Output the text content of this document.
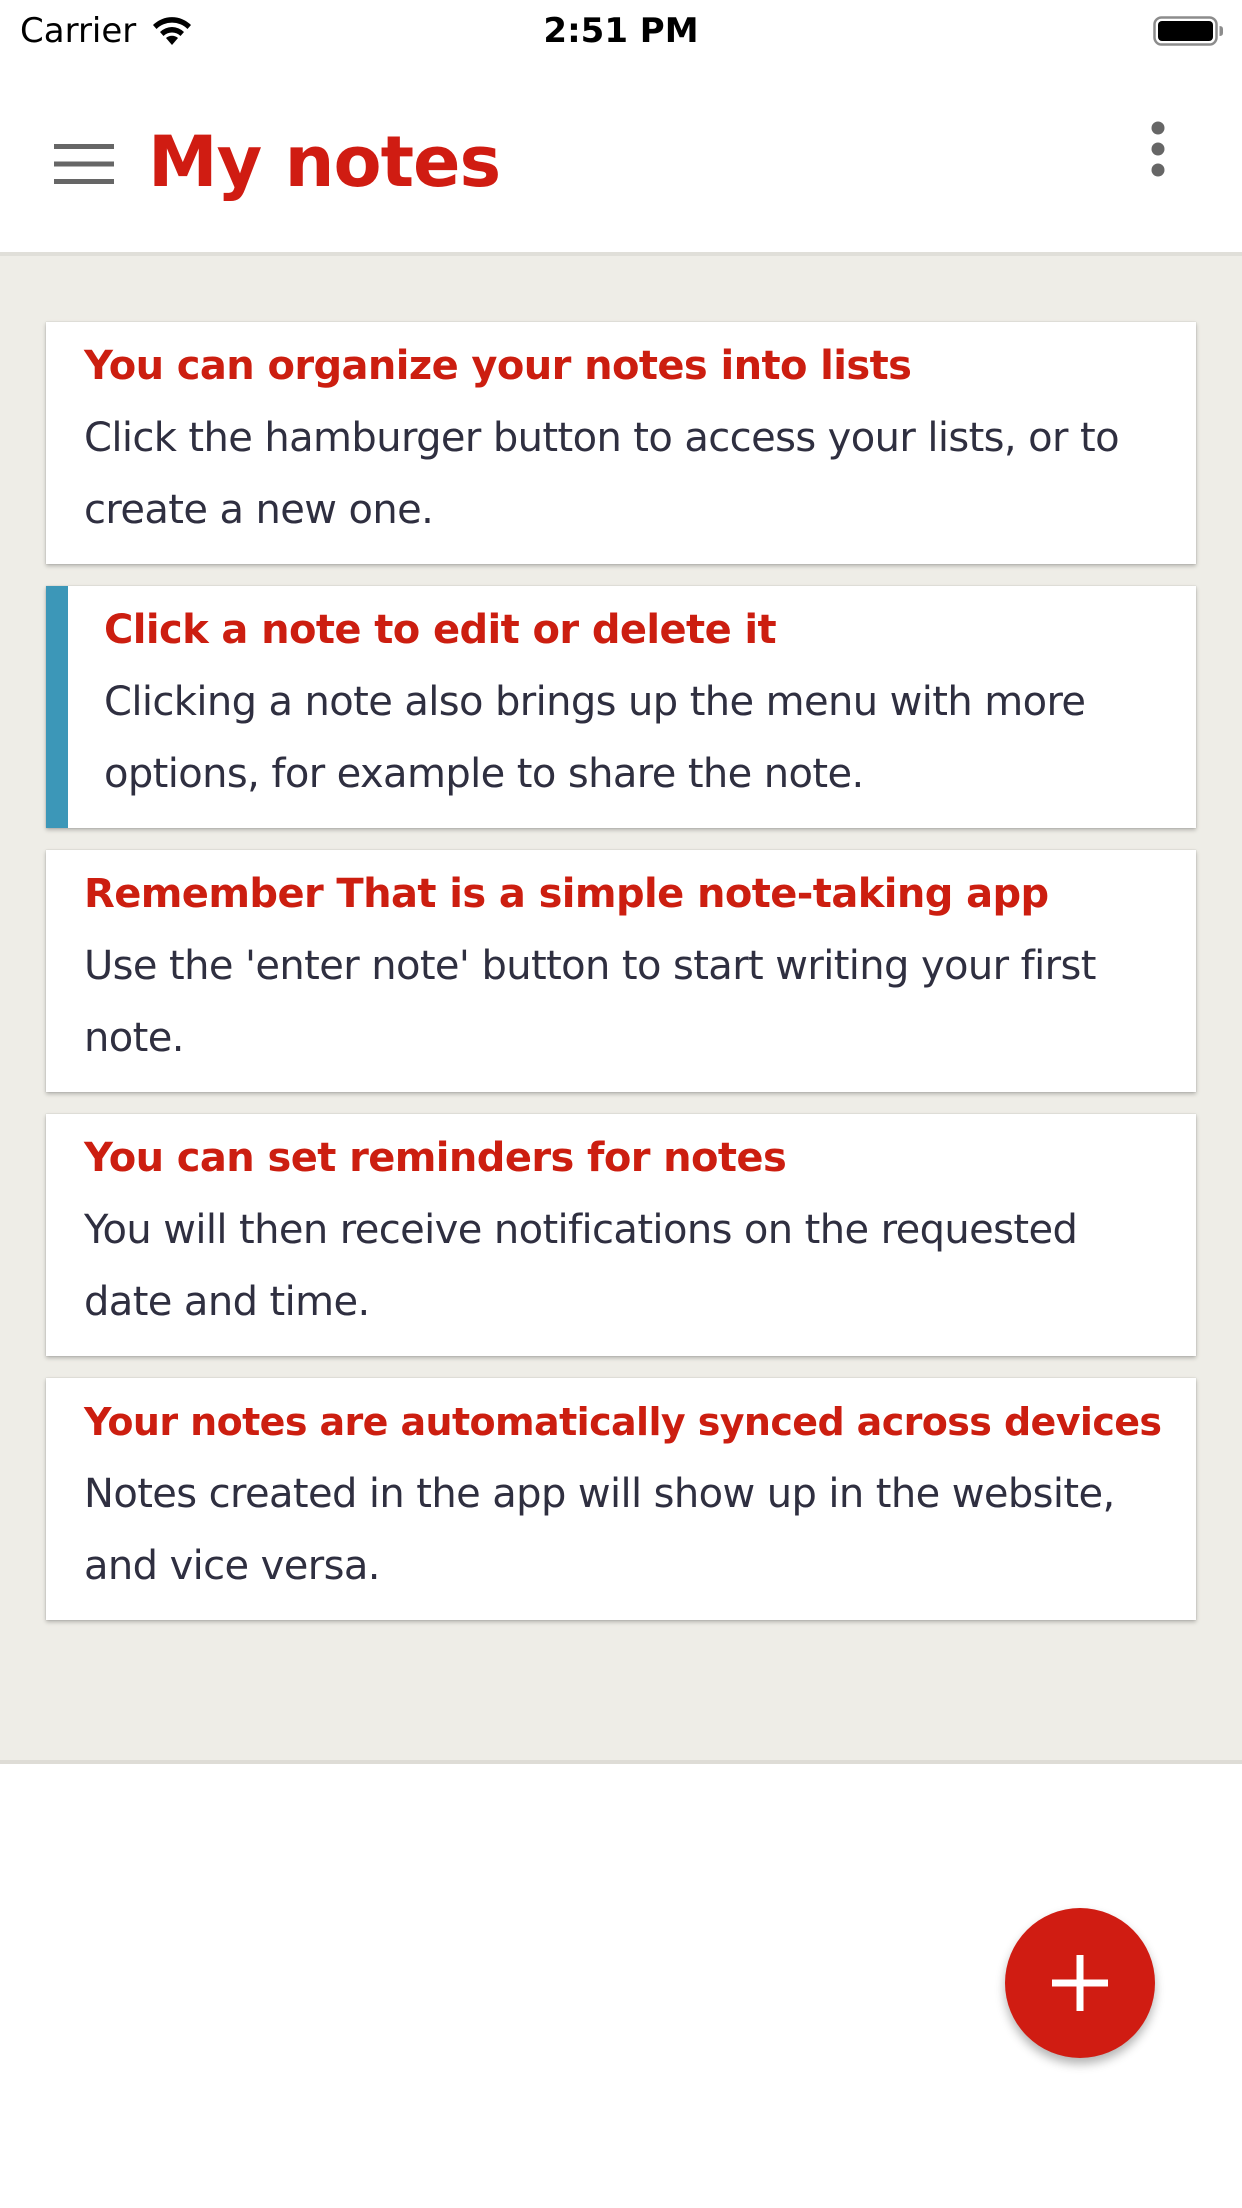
Carrier	2:51 PM
My notes
You can organize your notes into lists
Click the hamburger button to access your lists, or to create a new one.
Click a note to edit or delete it
Clicking a note also brings up the menu with more options, for example to share the note.
Remember That is a simple note-taking app
Use the 'enter note' button to start writing your first note.
You can set reminders for notes
You will then receive notifications on the requested date and time.
Your notes are automatically synced across devices
Notes created in the app will show up in the website, and vice versa.
